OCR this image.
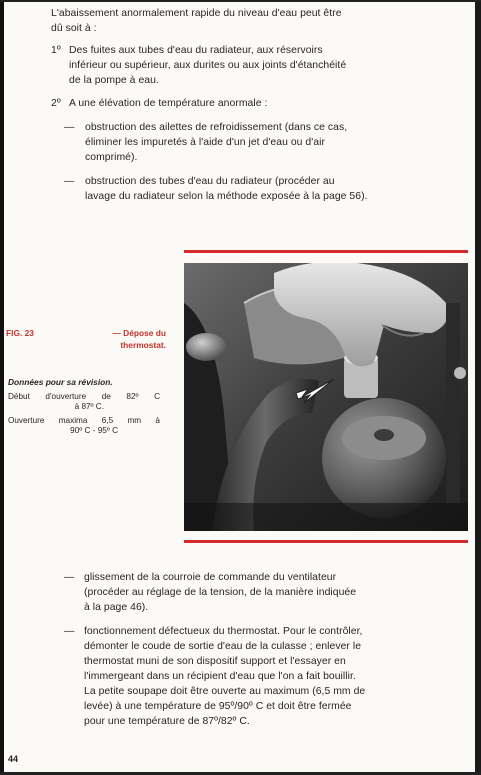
L'abaissement anormalement rapide du niveau d'eau peut être
dû soit à :
1º Des fuites aux tubes d'eau du radiateur, aux réservoirs
inférieur ou supérieur, aux durites ou aux joints d'étanchéité
de la pompe à eau.
2º A une élévation de température anormale :
— obstruction des ailettes de refroidissement (dans ce cas,
éliminer les impuretés à l'aide d'un jet d'eau ou d'air
comprimé).
— obstruction des tubes d'eau du radiateur (procéder au
lavage du radiateur selon la méthode exposée à la page 56).
FIG. 23	— Dépose du
thermostat.
Données pour sa révision.
Début d'ouverture de 82º C
à 87º C.
Ouverture maxima 6,5 mm à
90º C - 95º C
— glissement de la courroie de commande du ventilateur
(procéder au réglage de la tension, de la manière indiquée
à la page 46).
— fonctionnement défectueux du thermostat. Pour le contrôler,
démonter le coude de sortie d'eau de la culasse ; enlever le
thermostat muni de son dispositif support et l'essayer en
l'immergeant dans un récipient d'eau que l'on a fait bouillir.
La petite soupape doit être ouverte au maximum (6,5 mm de
levée) à une température de 95º/90º C et doit être fermée
pour une température de 87º/82º C.
44
